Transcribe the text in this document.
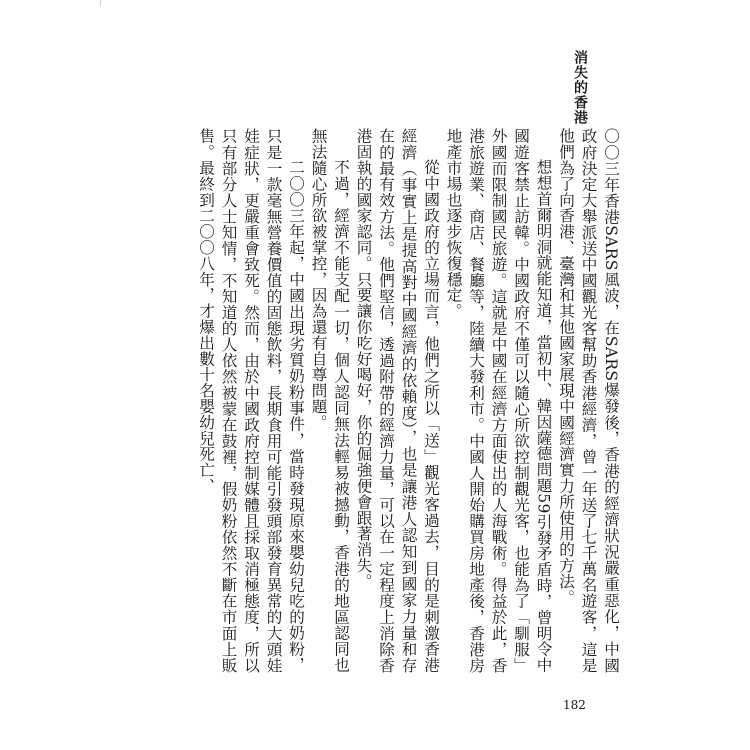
消失的香港

〇〇三年香港SARS風波，在SARS爆發後，香港的經濟狀況嚴重惡化，中國政府決定大舉派送中國觀光客幫助香港經濟，曾一年送了七千萬名遊客，這是他們為了向香港、臺灣和其他國家展現中國經濟實力所使用的方法。

想想首爾明洞就能知道，當初中、韓因薩德問題59引發矛盾時，曾明令中國遊客禁止訪韓。中國政府不僅可以隨心所欲控制觀光客，也能為了「馴服」外國而限制國民旅遊。這就是中國在經濟方面使出的人海戰術。得益於此，香港旅遊業、商店、餐廳等，陸續大發利市。中國人開始購買房地產後，香港房地產市場也逐步恢復穩定。

從中國政府的立場而言，他們之所以「送」觀光客過去，目的是刺激香港經濟（事實上是提高對中國經濟的依賴度），也是讓港人認知到國家力量和存在的最有效方法。他們堅信，透過附帶的經濟力量，可以在一定程度上消除香港固執的國家認同。只要讓你吃好喝好，你的倔強便會跟著消失。

不過，經濟不能支配一切，個人認同無法輕易被撼動，香港的地區認同也無法隨心所欲被掌控，因為還有自尊問題。

二〇〇三年起，中國出現劣質奶粉事件，當時發現原來嬰幼兒吃的奶粉，只是一款毫無營養價值的固態飲料，長期食用可能引發頭部發育異常的大頭娃娃症狀，更嚴重會致死。然而，由於中國政府控制媒體且採取消極態度，所以只有部分人士知情，不知道的人依然被蒙在鼓裡，假奶粉依然不斷在市面上販售。最終到二〇〇八年，才爆出數十名嬰幼兒死亡、

182
